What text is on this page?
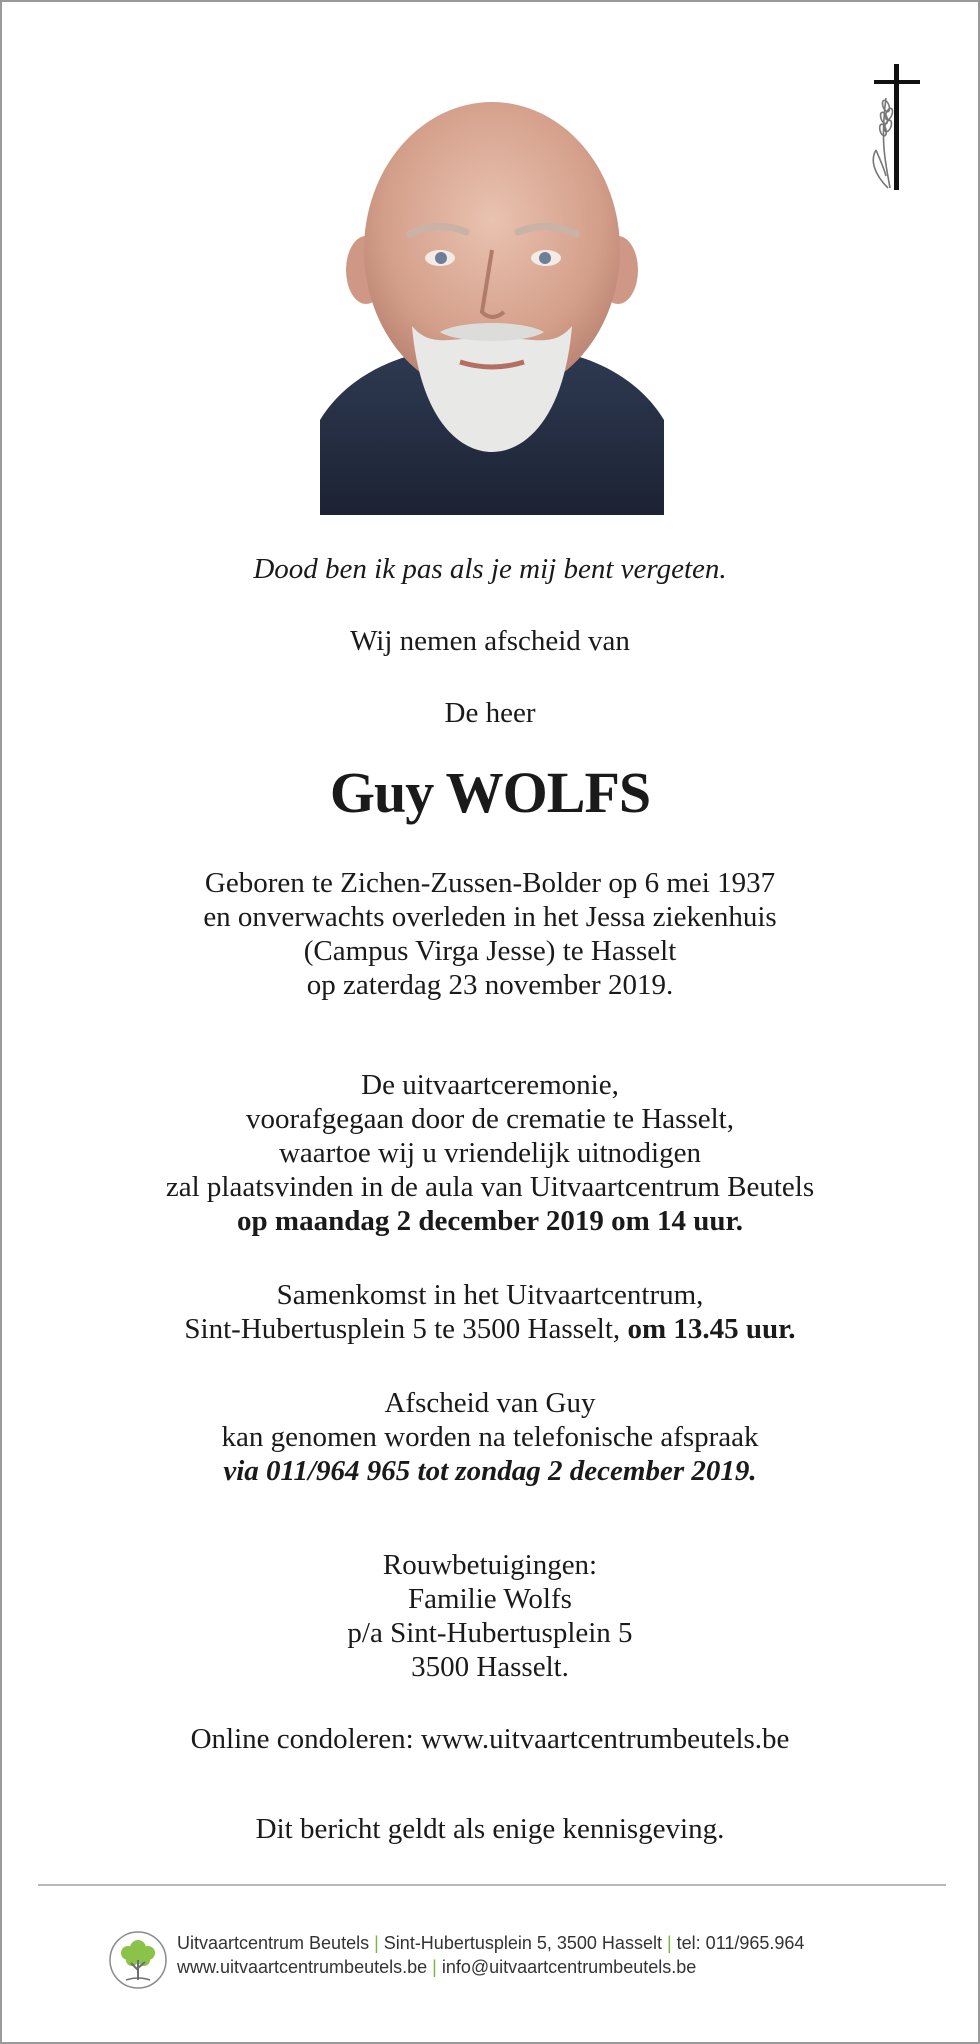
Dood ben ik pas als je mij bent vergeten.

Wij nemen afscheid van

De heer

Guy WOLFS

Geboren te Zichen-Zussen-Bolder op 6 mei 1937

en onverwachts overleden in het Jessa ziekenhuis

(Campus Virga Jesse) te Hasselt

op zaterdag 23 november 2019.

De uitvaartceremonie,

voorafgegaan door de crematie te Hasselt,

waartoe wij u vriendelijk uitnodigen

zal plaatsvinden in de aula van Uitvaartcentrum Beutels

op maandag 2 december 2019 om 14 uur.

Samenkomst in het Uitvaartcentrum,

Sint-Hubertusplein 5 te 3500 Hasselt, om 13.45 uur.

Afscheid van Guy

kan genomen worden na telefonische afspraak

via 011/964 965 tot zondag 2 december 2019.

Rouwbetuigingen:

Familie Wolfs

p/a Sint-Hubertusplein 5

3500 Hasselt.

Online condoleren: www.uitvaartcentrumbeutels.be

Dit bericht geldt als enige kennisgeving.

Uitvaartcentrum Beutels | Sint-Hubertusplein 5, 3500 Hasselt | tel: 011/965.964
www.uitvaartcentrumbeutels.be | info@uitvaartcentrumbeutels.be
